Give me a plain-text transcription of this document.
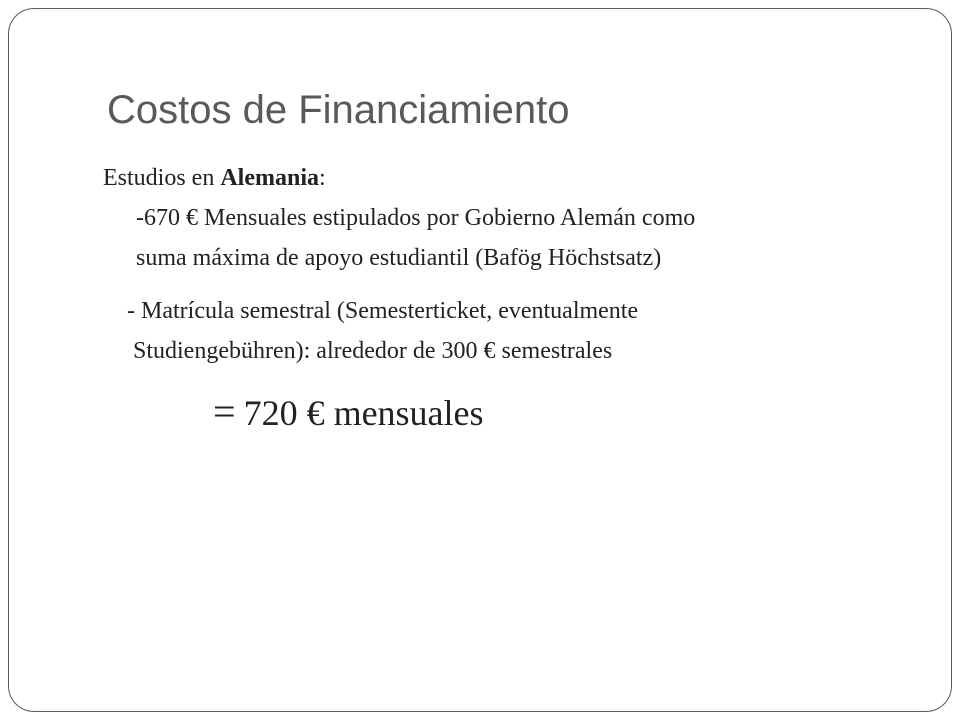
Costos de Financiamiento
Estudios en Alemania:
-670 € Mensuales estipulados por Gobierno Alemán como
suma máxima de apoyo estudiantil (Bafög Höchstsatz)
- Matrícula semestral (Semesterticket, eventualmente
Studiengebühren): alrededor de 300 € semestrales
= 720 € mensuales
